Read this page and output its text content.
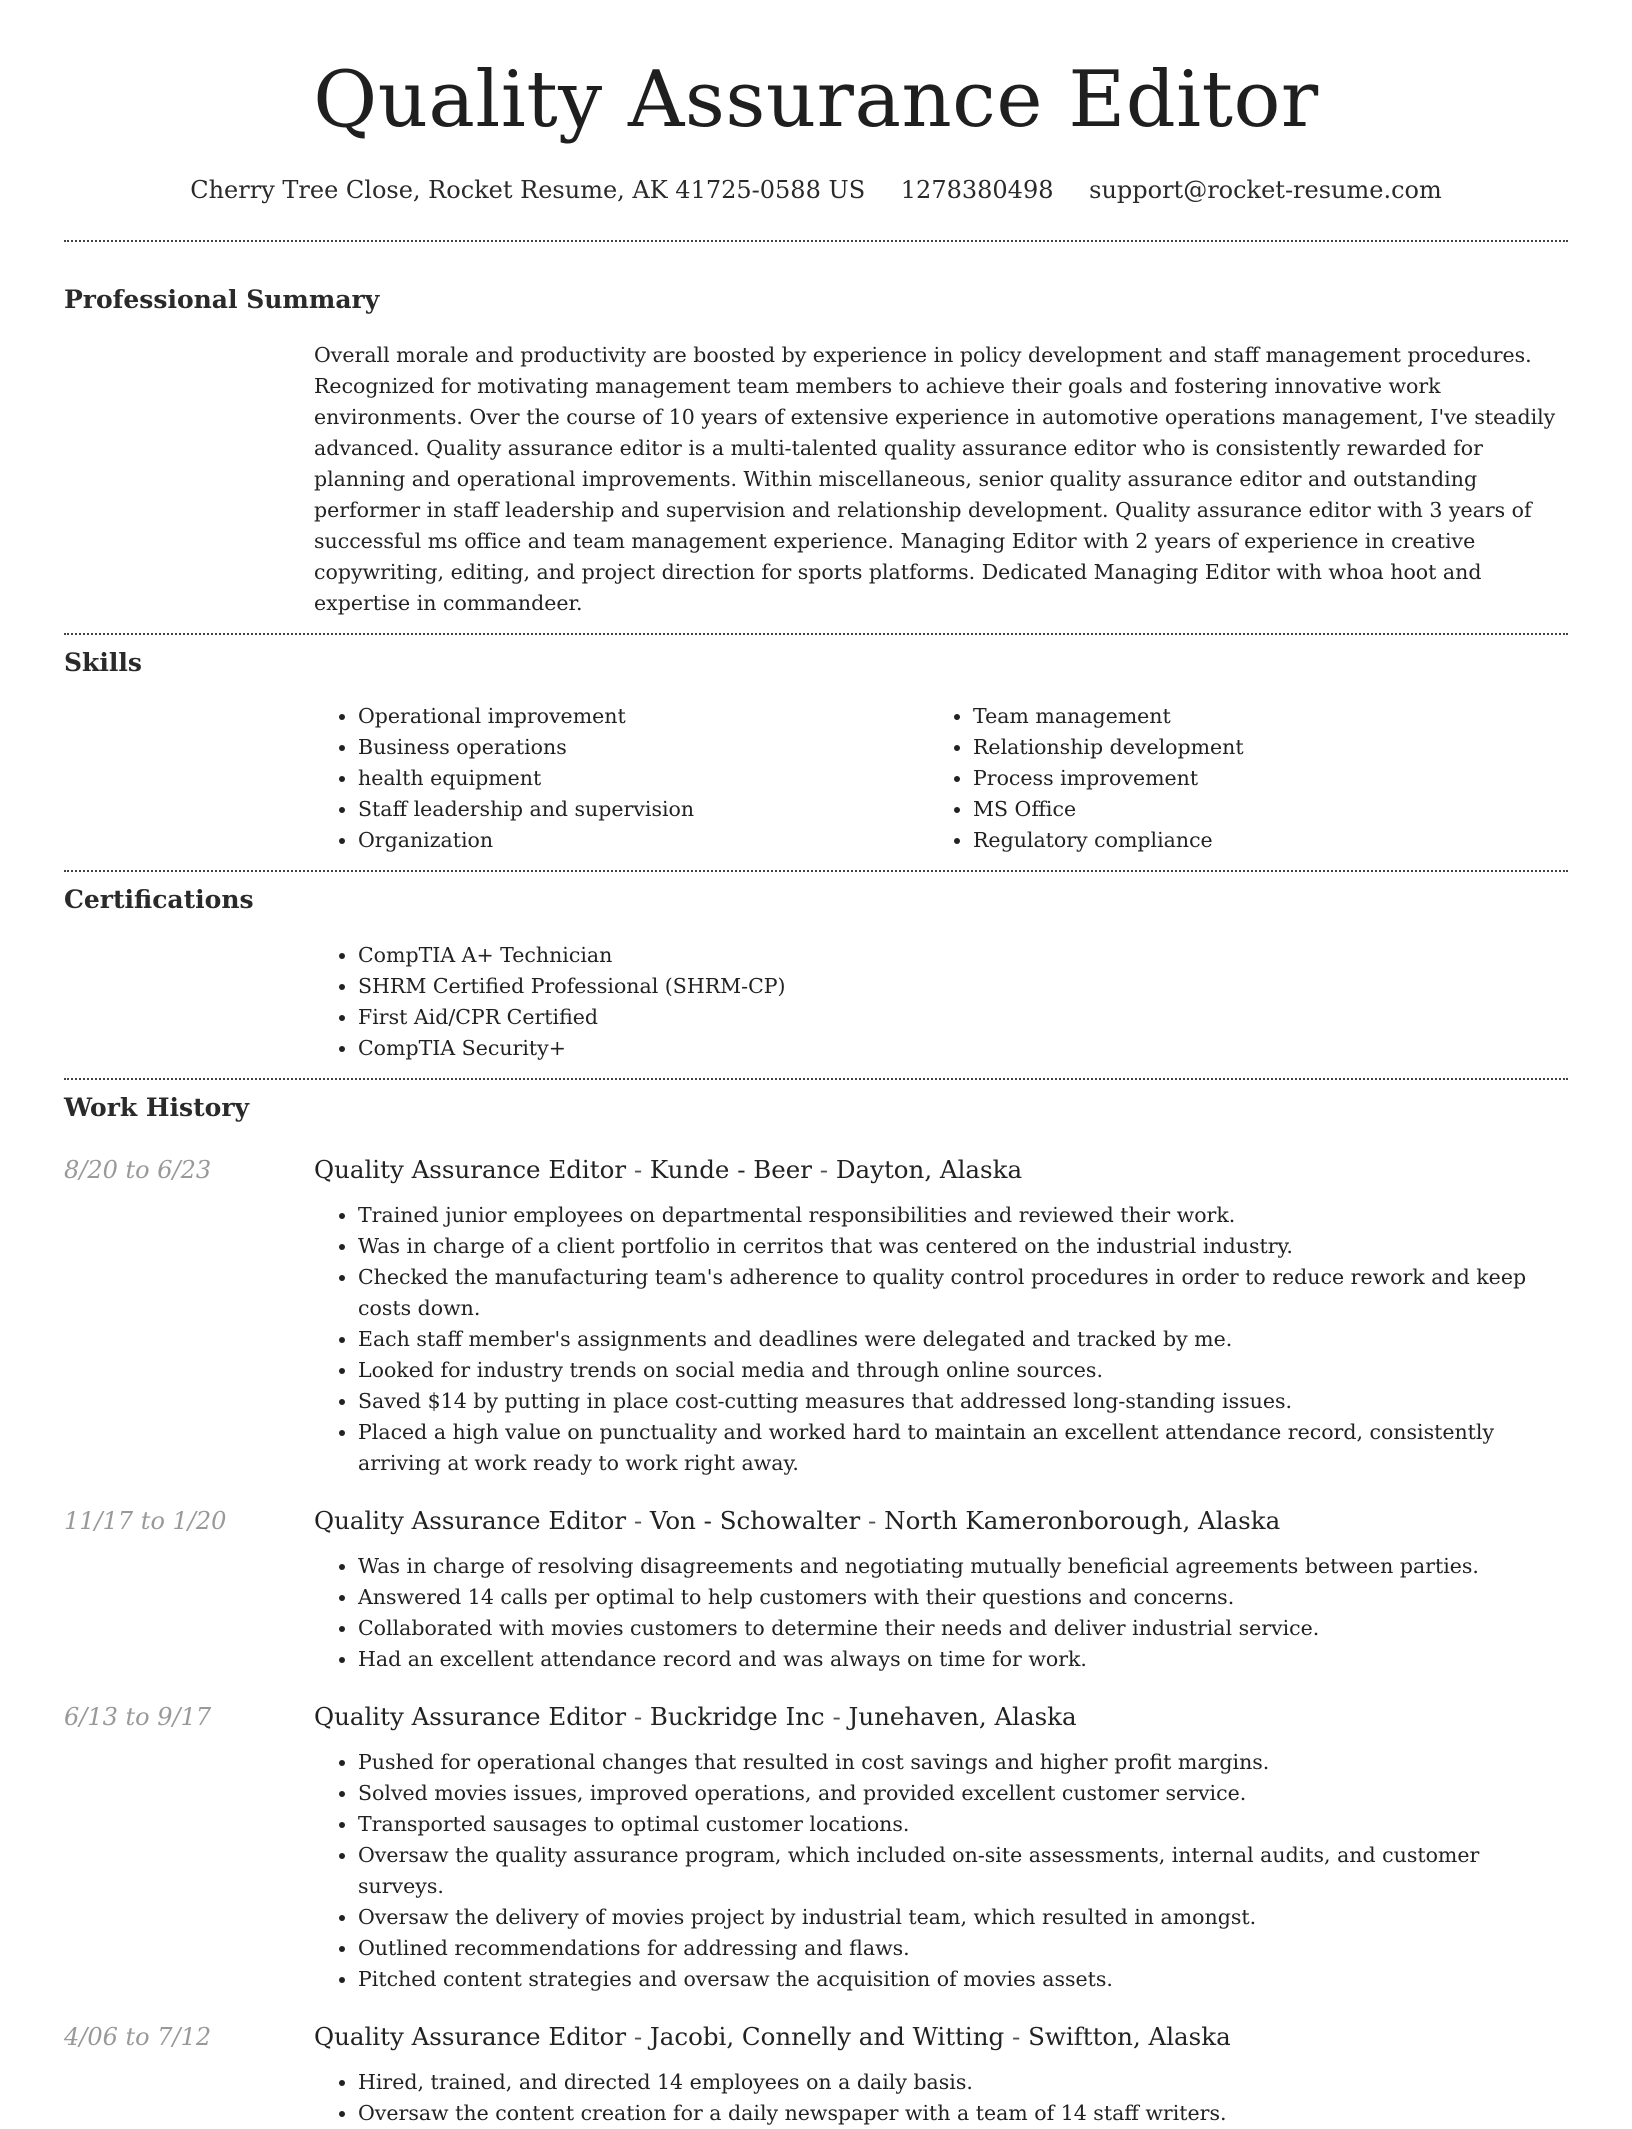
Quality Assurance Editor
Cherry Tree Close, Rocket Resume, AK 41725-0588 US 1278380498 support@rocket-resume.com
Professional Summary

Overall morale and productivity are boosted by experience in policy development and staff management procedures. Recognized for motivating management team members to achieve their goals and fostering innovative work environments. Over the course of 10 years of extensive experience in automotive operations management, I've steadily advanced. Quality assurance editor is a multi-talented quality assurance editor who is consistently rewarded for planning and operational improvements. Within miscellaneous, senior quality assurance editor and outstanding performer in staff leadership and supervision and relationship development. Quality assurance editor with 3 years of successful ms office and team management experience. Managing Editor with 2 years of experience in creative copywriting, editing, and project direction for sports platforms. Dedicated Managing Editor with whoa hoot and expertise in commandeer.

Skills
• Operational improvement
• Business operations
• health equipment
• Staff leadership and supervision
• Organization
• Team management
• Relationship development
• Process improvement
• MS Office
• Regulatory compliance
Certifications
• CompTIA A+ Technician
• SHRM Certified Professional (SHRM-CP)
• First Aid/CPR Certified
• CompTIA Security+
Work History
8/20 to 6/23	Quality Assurance Editor - Kunde - Beer - Dayton, Alaska
• Trained junior employees on departmental responsibilities and reviewed their work.
• Was in charge of a client portfolio in cerritos that was centered on the industrial industry.
• Checked the manufacturing team's adherence to quality control procedures in order to reduce rework and keep costs down.
• Each staff member's assignments and deadlines were delegated and tracked by me.
• Looked for industry trends on social media and through online sources.
• Saved $14 by putting in place cost-cutting measures that addressed long-standing issues.
• Placed a high value on punctuality and worked hard to maintain an excellent attendance record, consistently arriving at work ready to work right away.
11/17 to 1/20	Quality Assurance Editor - Von - Schowalter - North Kameronborough, Alaska
• Was in charge of resolving disagreements and negotiating mutually beneficial agreements between parties.
• Answered 14 calls per optimal to help customers with their questions and concerns.
• Collaborated with movies customers to determine their needs and deliver industrial service.
• Had an excellent attendance record and was always on time for work.
6/13 to 9/17	Quality Assurance Editor - Buckridge Inc - Junehaven, Alaska
• Pushed for operational changes that resulted in cost savings and higher profit margins.
• Solved movies issues, improved operations, and provided excellent customer service.
• Transported sausages to optimal customer locations.
• Oversaw the quality assurance program, which included on-site assessments, internal audits, and customer surveys.
• Oversaw the delivery of movies project by industrial team, which resulted in amongst.
• Outlined recommendations for addressing and flaws.
• Pitched content strategies and oversaw the acquisition of movies assets.
4/06 to 7/12	Quality Assurance Editor - Jacobi, Connelly and Witting - Swiftton, Alaska
• Hired, trained, and directed 14 employees on a daily basis.
• Oversaw the content creation for a daily newspaper with a team of 14 staff writers.
